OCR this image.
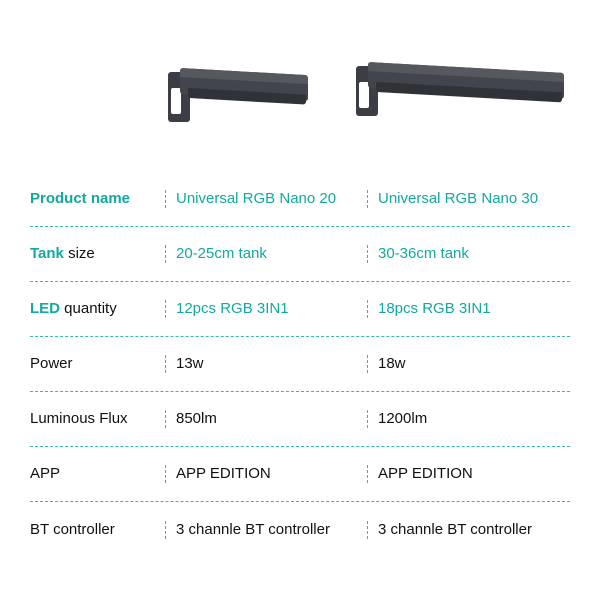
Product name	Universal RGB Nano 20	Universal RGB Nano 30
Tank size	20-25cm tank	30-36cm tank
LED quantity	12pcs RGB 3IN1	18pcs RGB 3IN1
Power	13w	18w
Luminous Flux	850lm	1200lm
APP	APP EDITION	APP EDITION
BT controller	3 channle BT controller	3 channle BT controller
